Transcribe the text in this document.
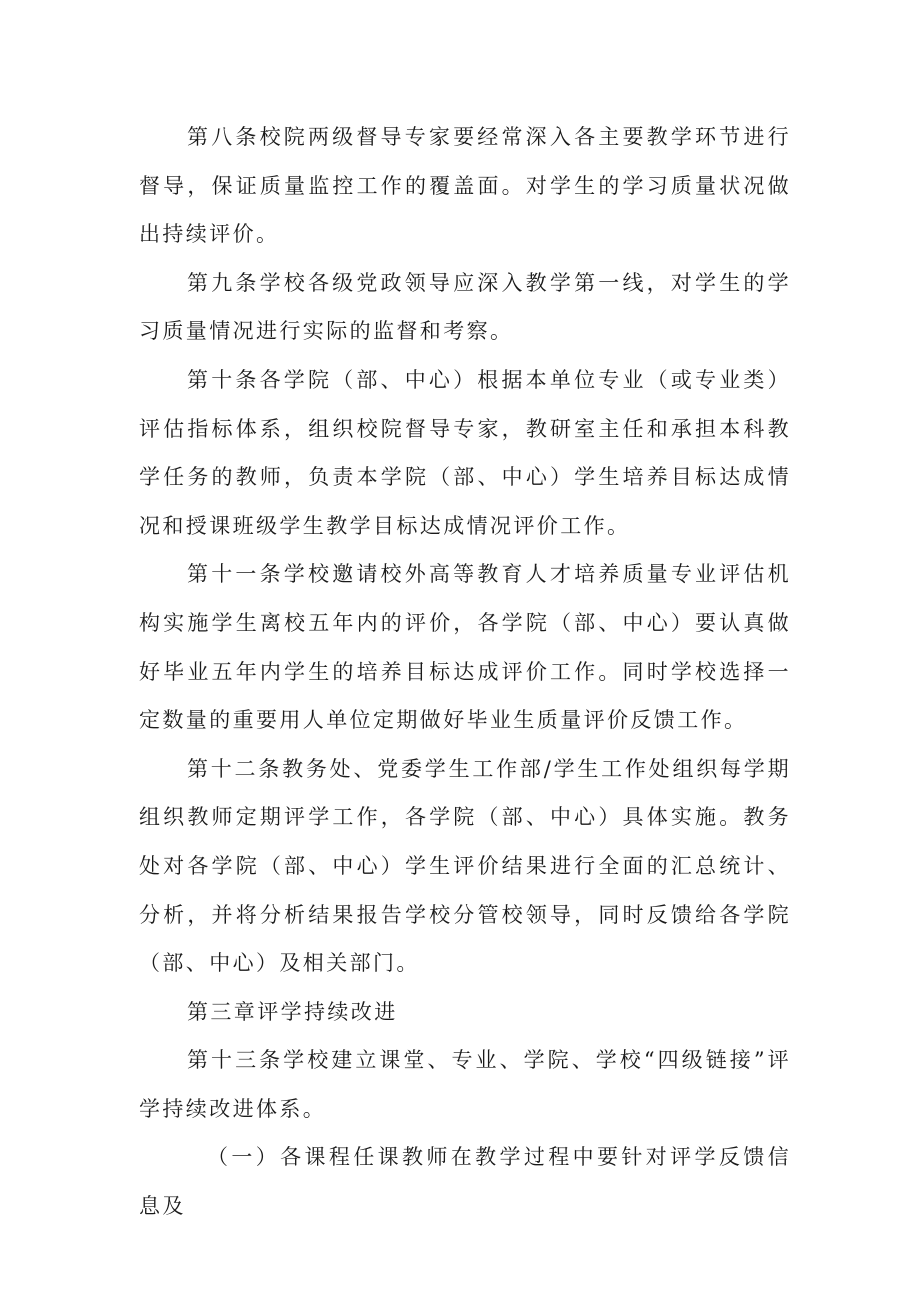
第八条校院两级督导专家要经常深入各主要教学环节进行督导，保证质量监控工作的覆盖面。对学生的学习质量状况做出持续评价。

第九条学校各级党政领导应深入教学第一线，对学生的学习质量情况进行实际的监督和考察。

第十条各学院（部、中心）根据本单位专业（或专业类）评估指标体系，组织校院督导专家，教研室主任和承担本科教学任务的教师，负责本学院（部、中心）学生培养目标达成情况和授课班级学生教学目标达成情况评价工作。

第十一条学校邀请校外高等教育人才培养质量专业评估机构实施学生离校五年内的评价，各学院（部、中心）要认真做好毕业五年内学生的培养目标达成评价工作。同时学校选择一定数量的重要用人单位定期做好毕业生质量评价反馈工作。

第十二条教务处、党委学生工作部/学生工作处组织每学期组织教师定期评学工作，各学院（部、中心）具体实施。教务处对各学院（部、中心）学生评价结果进行全面的汇总统计、分析，并将分析结果报告学校分管校领导，同时反馈给各学院（部、中心）及相关部门。

第三章评学持续改进

第十三条学校建立课堂、专业、学院、学校“四级链接”评学持续改进体系。

（一）各课程任课教师在教学过程中要针对评学反馈信息及
